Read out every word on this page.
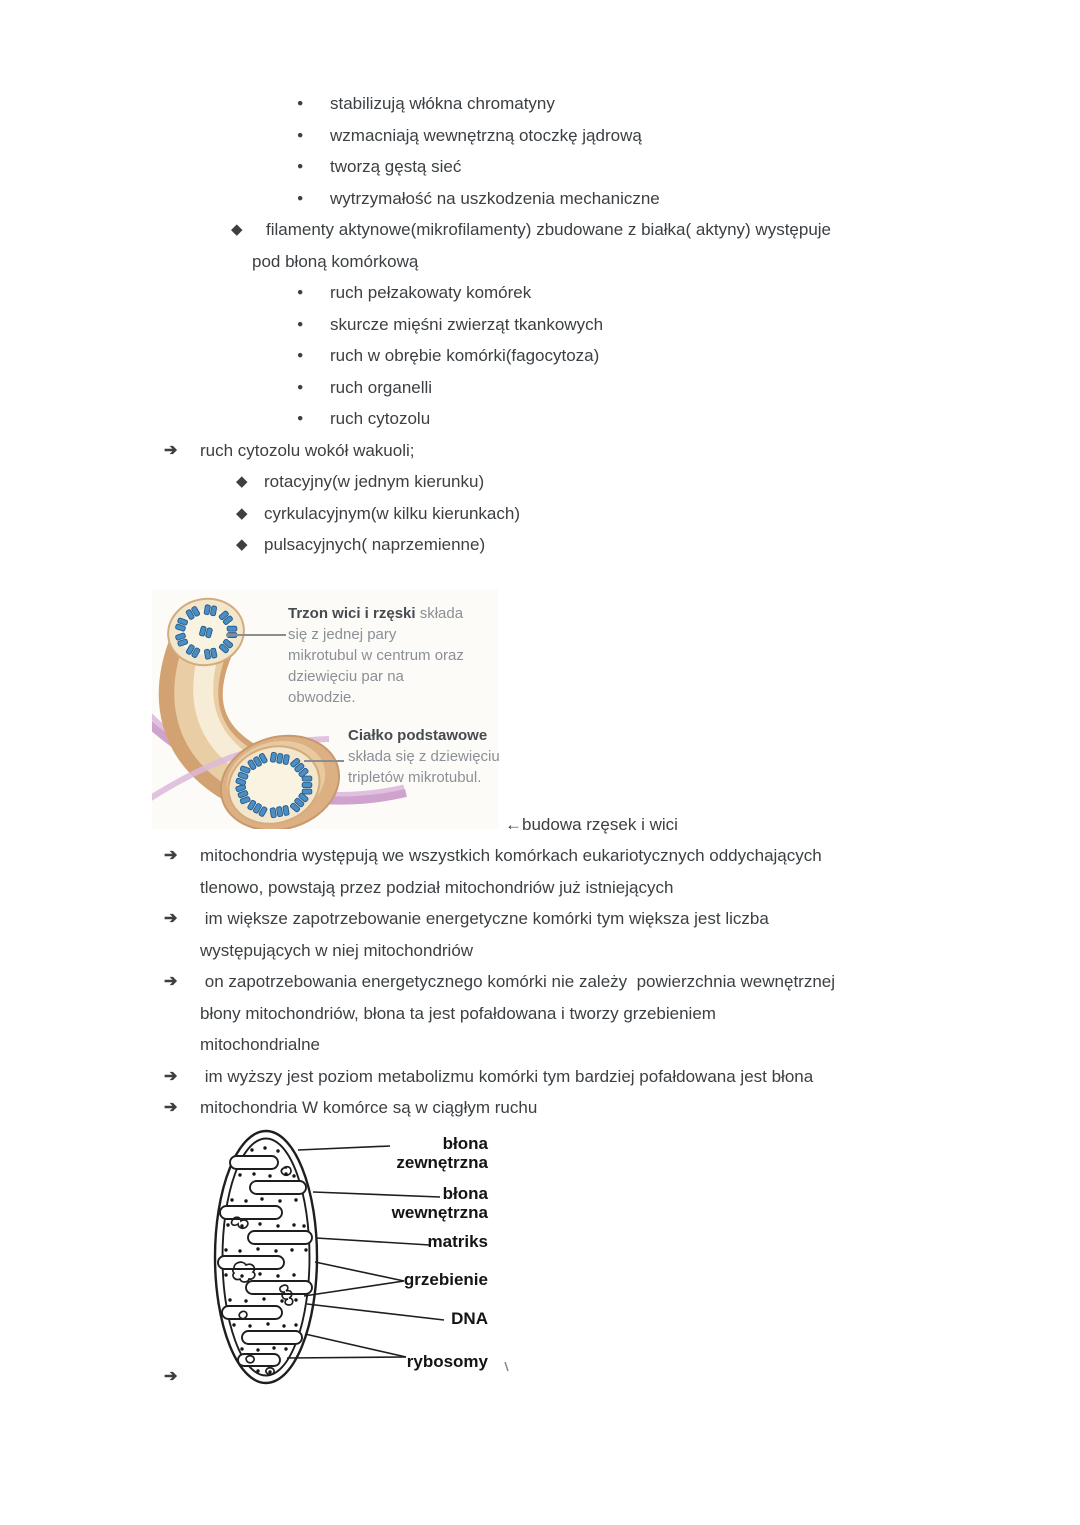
● stabilizują włókna chromatyny
● wzmacniają wewnętrzną otoczkę jądrową
● tworzą gęstą sieć
● wytrzymałość na uszkodzenia mechaniczne
◆ filamenty aktynowe(mikrofilamenty) zbudowane z białka( aktyny) występuje
pod błoną komórkową
● ruch pełzakowaty komórek
● skurcze mięśni zwierząt tkankowych
● ruch w obrębie komórki(fagocytoza)
● ruch organelli
● ruch cytozolu
➔ ruch cytozolu wokół wakuoli;
◆ rotacyjny(w jednym kierunku)
◆ cyrkulacyjnym(w kilku kierunkach)
◆ pulsacyjnych( naprzemienne)
Trzon wici i rzęski składa się z jednej pary mikrotubul w centrum oraz dziewięciu par na obwodzie.
Ciałko podstawowe
składa się z dziewięciu tripletów mikrotubul.
←budowa rzęsek i wici
➔ mitochondria występują we wszystkich komórkach eukariotycznych oddychających
tlenowo, powstają przez podział mitochondriów już istniejących
➔ im większe zapotrzebowanie energetyczne komórki tym większa jest liczba
występujących w niej mitochondriów
➔ on zapotrzebowania energetycznego komórki nie zależy  powierzchnia wewnętrznej
błony mitochondriów, błona ta jest pofałdowana i tworzy grzebieniem
mitochondrialne
➔ im wyższy jest poziom metabolizmu komórki tym bardziej pofałdowana jest błona
➔ mitochondria W komórce są w ciągłym ruchu
błona
zewnętrzna
błona
wewnętrzna
matriks
grzebienie
DNA
rybosomy
➔
